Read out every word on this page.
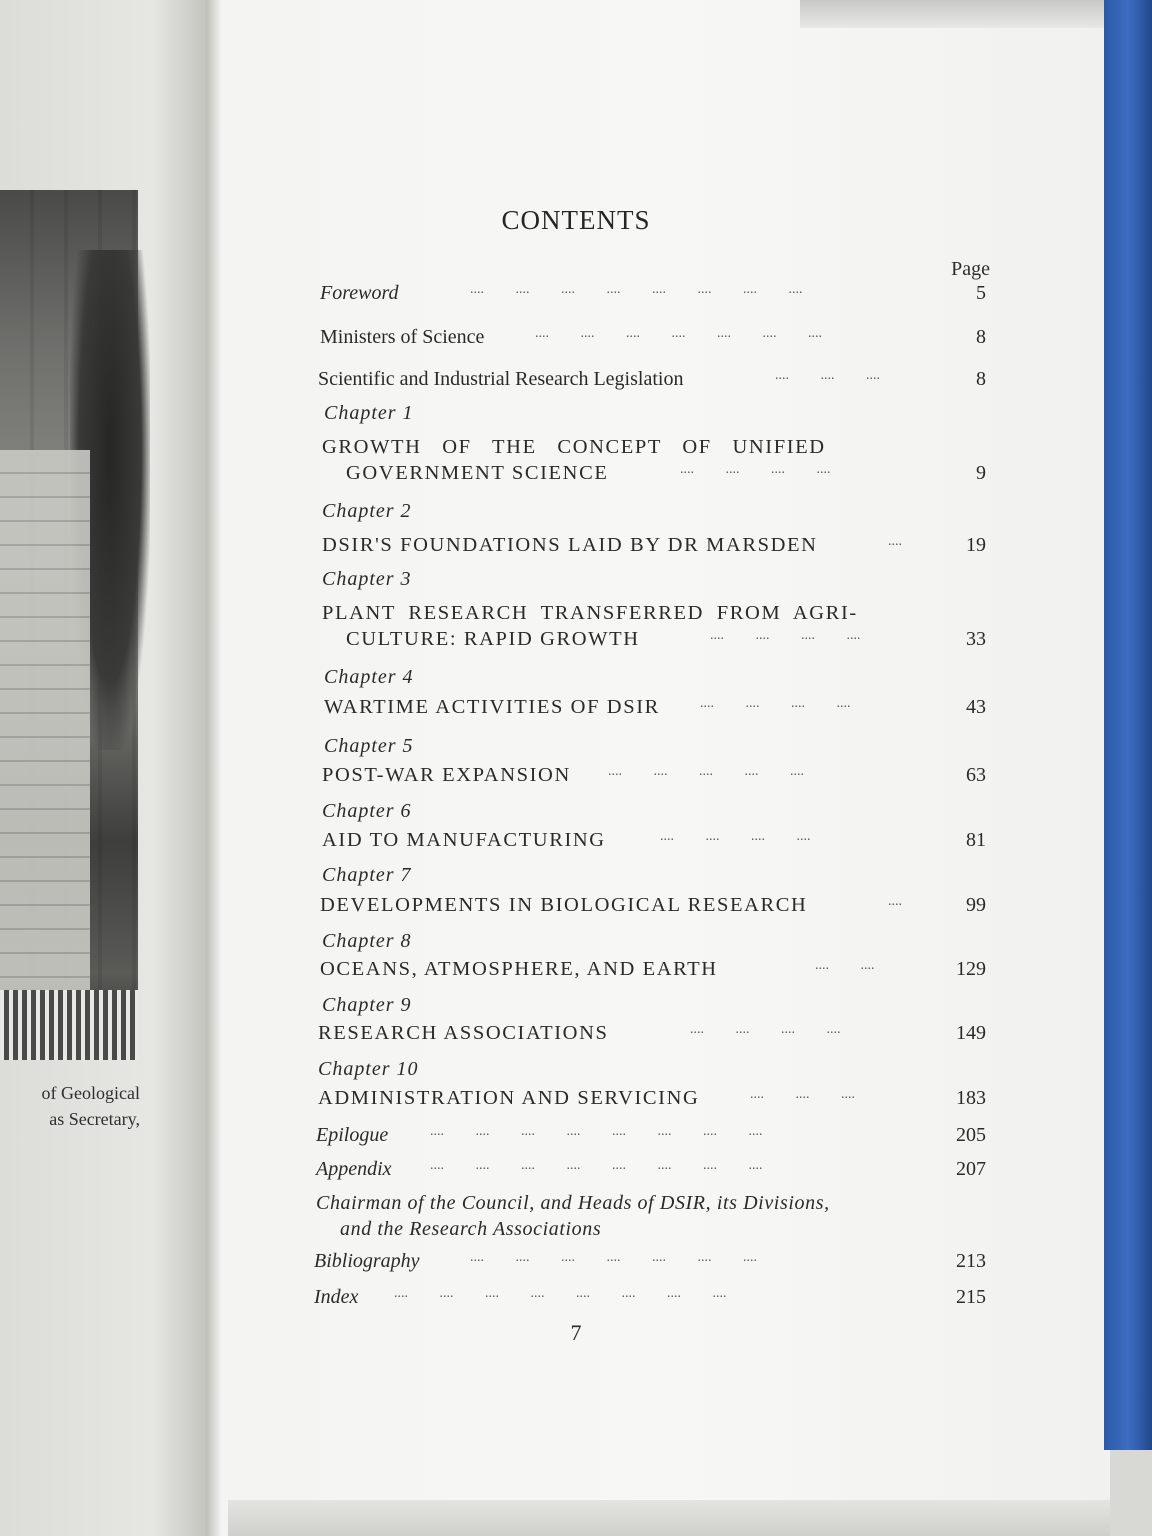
of Geological
as Secretary,
CONTENTS
Page
Foreword	....         ....         ....         ....         ....         ....         ....         ....	5
Ministers of Science	....         ....         ....         ....         ....         ....         ....	8
Scientific and Industrial Research Legislation	....         ....         ....	8
Chapter 1
GROWTH OF THE CONCEPT OF UNIFIED
GOVERNMENT SCIENCE	....         ....         ....         ....	9
Chapter 2
DSIR'S FOUNDATIONS LAID BY DR MARSDEN	....	19
Chapter 3
PLANT RESEARCH TRANSFERRED FROM AGRI-
CULTURE: RAPID GROWTH	....         ....         ....         ....	33
Chapter 4
WARTIME ACTIVITIES OF DSIR	....         ....         ....         ....	43
Chapter 5
POST-WAR EXPANSION	....         ....         ....         ....         ....	63
Chapter 6
AID TO MANUFACTURING	....         ....         ....         ....	81
Chapter 7
DEVELOPMENTS IN BIOLOGICAL RESEARCH	....	99
Chapter 8
OCEANS, ATMOSPHERE, AND EARTH	....         ....	129
Chapter 9
RESEARCH ASSOCIATIONS	....         ....         ....         ....	149
Chapter 10
ADMINISTRATION AND SERVICING	....         ....         ....	183
Epilogue	....         ....         ....         ....         ....         ....         ....         ....	205
Appendix	....         ....         ....         ....         ....         ....         ....         ....	207
Chairman of the Council, and Heads of DSIR, its Divisions,
and the Research Associations
Bibliography	....         ....         ....         ....         ....         ....         ....	213
Index	....         ....         ....         ....         ....         ....         ....         ....	215
7
